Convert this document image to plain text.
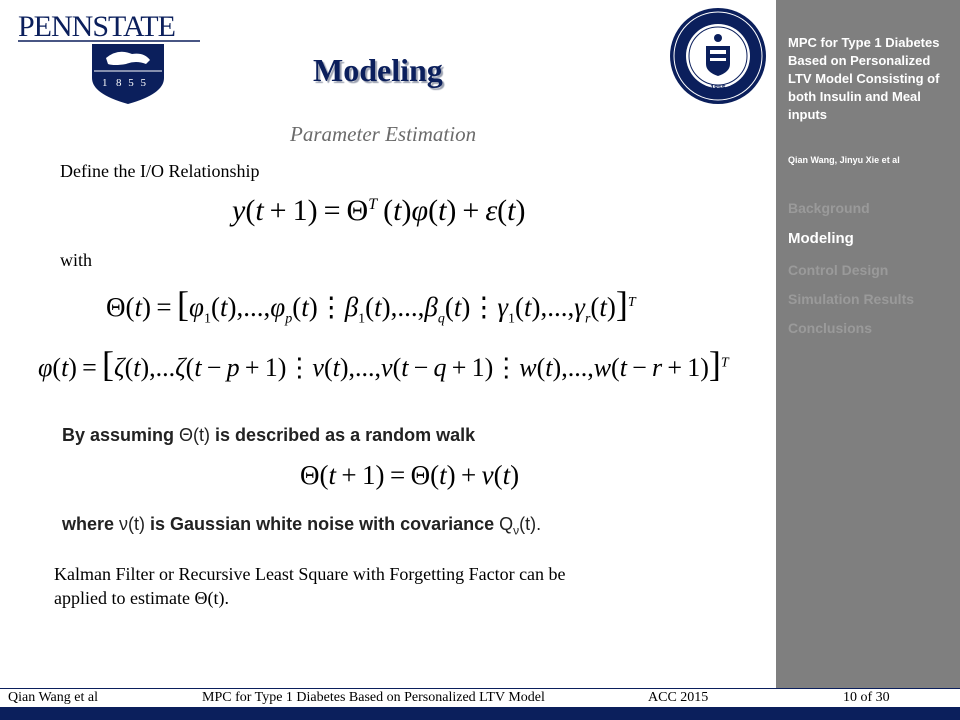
PENNSTATE
1 8 5 5	1855
Modeling
Parameter Estimation
Define the I/O Relationship
$y(t + 1) = \Theta^T$ (t)φ(t) + ε(t)
with
$\Theta(t) = [\varphi_1(t),...,\varphi_p(t)⋮\beta_1(t),...,\beta_q(t)⋮\gamma_1(t),...,\gamma_r(t)]^T$
φ(t) = [ζ(t),...ζ(t − p + 1)⋮v(t),...,v(t − q + 1)⋮w(t),...,w(t − r + 1)]$^T$
By assuming Θ(t) is described as a random walk
Θ(t + 1) = Θ(t) + ν(t)
where ν(t) is Gaussian white noise with covariance $Q_\nu(t)$.
Kalman Filter or Recursive Least Square with Forgetting Factor can be
applied to estimate Θ(t).
MPC for Type 1 Diabetes Based on Personalized LTV Model Consisting of both Insulin and Meal inputs
Qian Wang, Jinyu Xie et al
Background
Modeling
Control Design
Simulation Results
Conclusions
Qian Wang et al	MPC for Type 1 Diabetes Based on Personalized LTV Model	ACC 2015	10 of 30
